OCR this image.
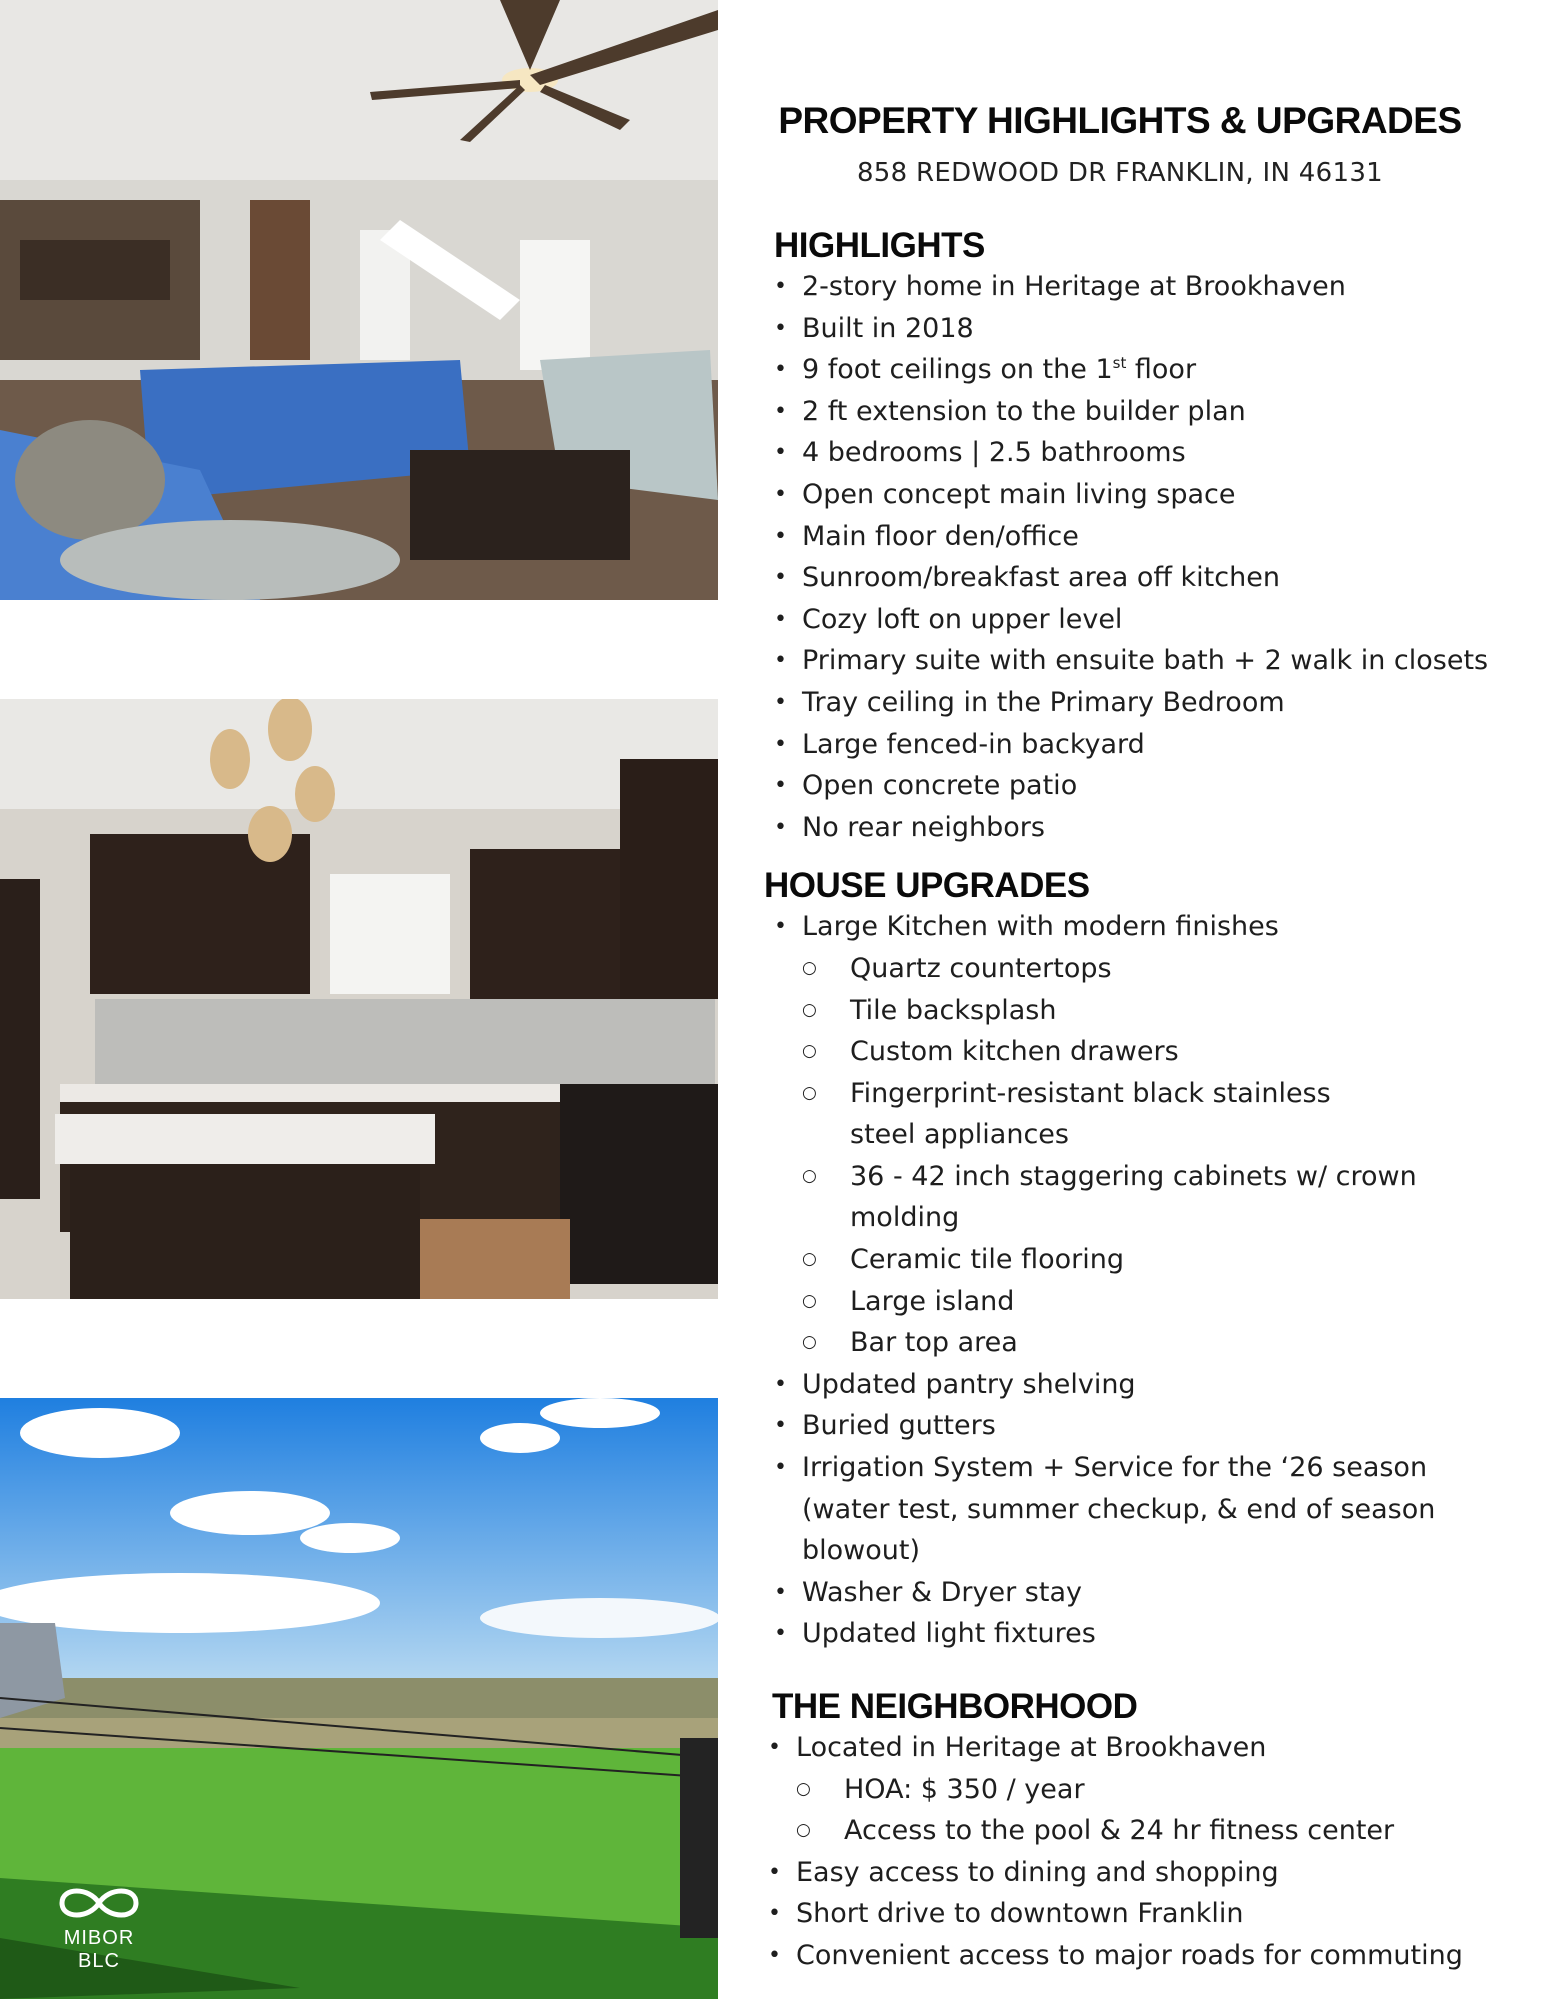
MIBOR BLC
PROPERTY HIGHLIGHTS & UPGRADES
858 REDWOOD DR FRANKLIN, IN 46131
HIGHLIGHTS
• 2-story home in Heritage at Brookhaven
• Built in 2018
• 9 foot ceilings on the 1st floor
• 2 ft extension to the builder plan
• 4 bedrooms | 2.5 bathrooms
• Open concept main living space
• Main floor den/office
• Sunroom/breakfast area off kitchen
• Cozy loft on upper level
• Primary suite with ensuite bath + 2 walk in closets
• Tray ceiling in the Primary Bedroom
• Large fenced-in backyard
• Open concrete patio
• No rear neighbors
HOUSE UPGRADES
• Large Kitchen with modern finishes
○ Quartz countertops
○ Tile backsplash
○ Custom kitchen drawers
○ Fingerprint-resistant black stainless steel appliances
○ 36 - 42 inch staggering cabinets w/ crown molding
○ Ceramic tile flooring
○ Large island
○ Bar top area
• Updated pantry shelving
• Buried gutters
• Irrigation System + Service for the ‘26 season (water test, summer checkup, & end of season blowout)
• Washer & Dryer stay
• Updated light fixtures
THE NEIGHBORHOOD
• Located in Heritage at Brookhaven
○ HOA: $ 350 / year
○ Access to the pool & 24 hr fitness center
• Easy access to dining and shopping
• Short drive to downtown Franklin
• Convenient access to major roads for commuting
